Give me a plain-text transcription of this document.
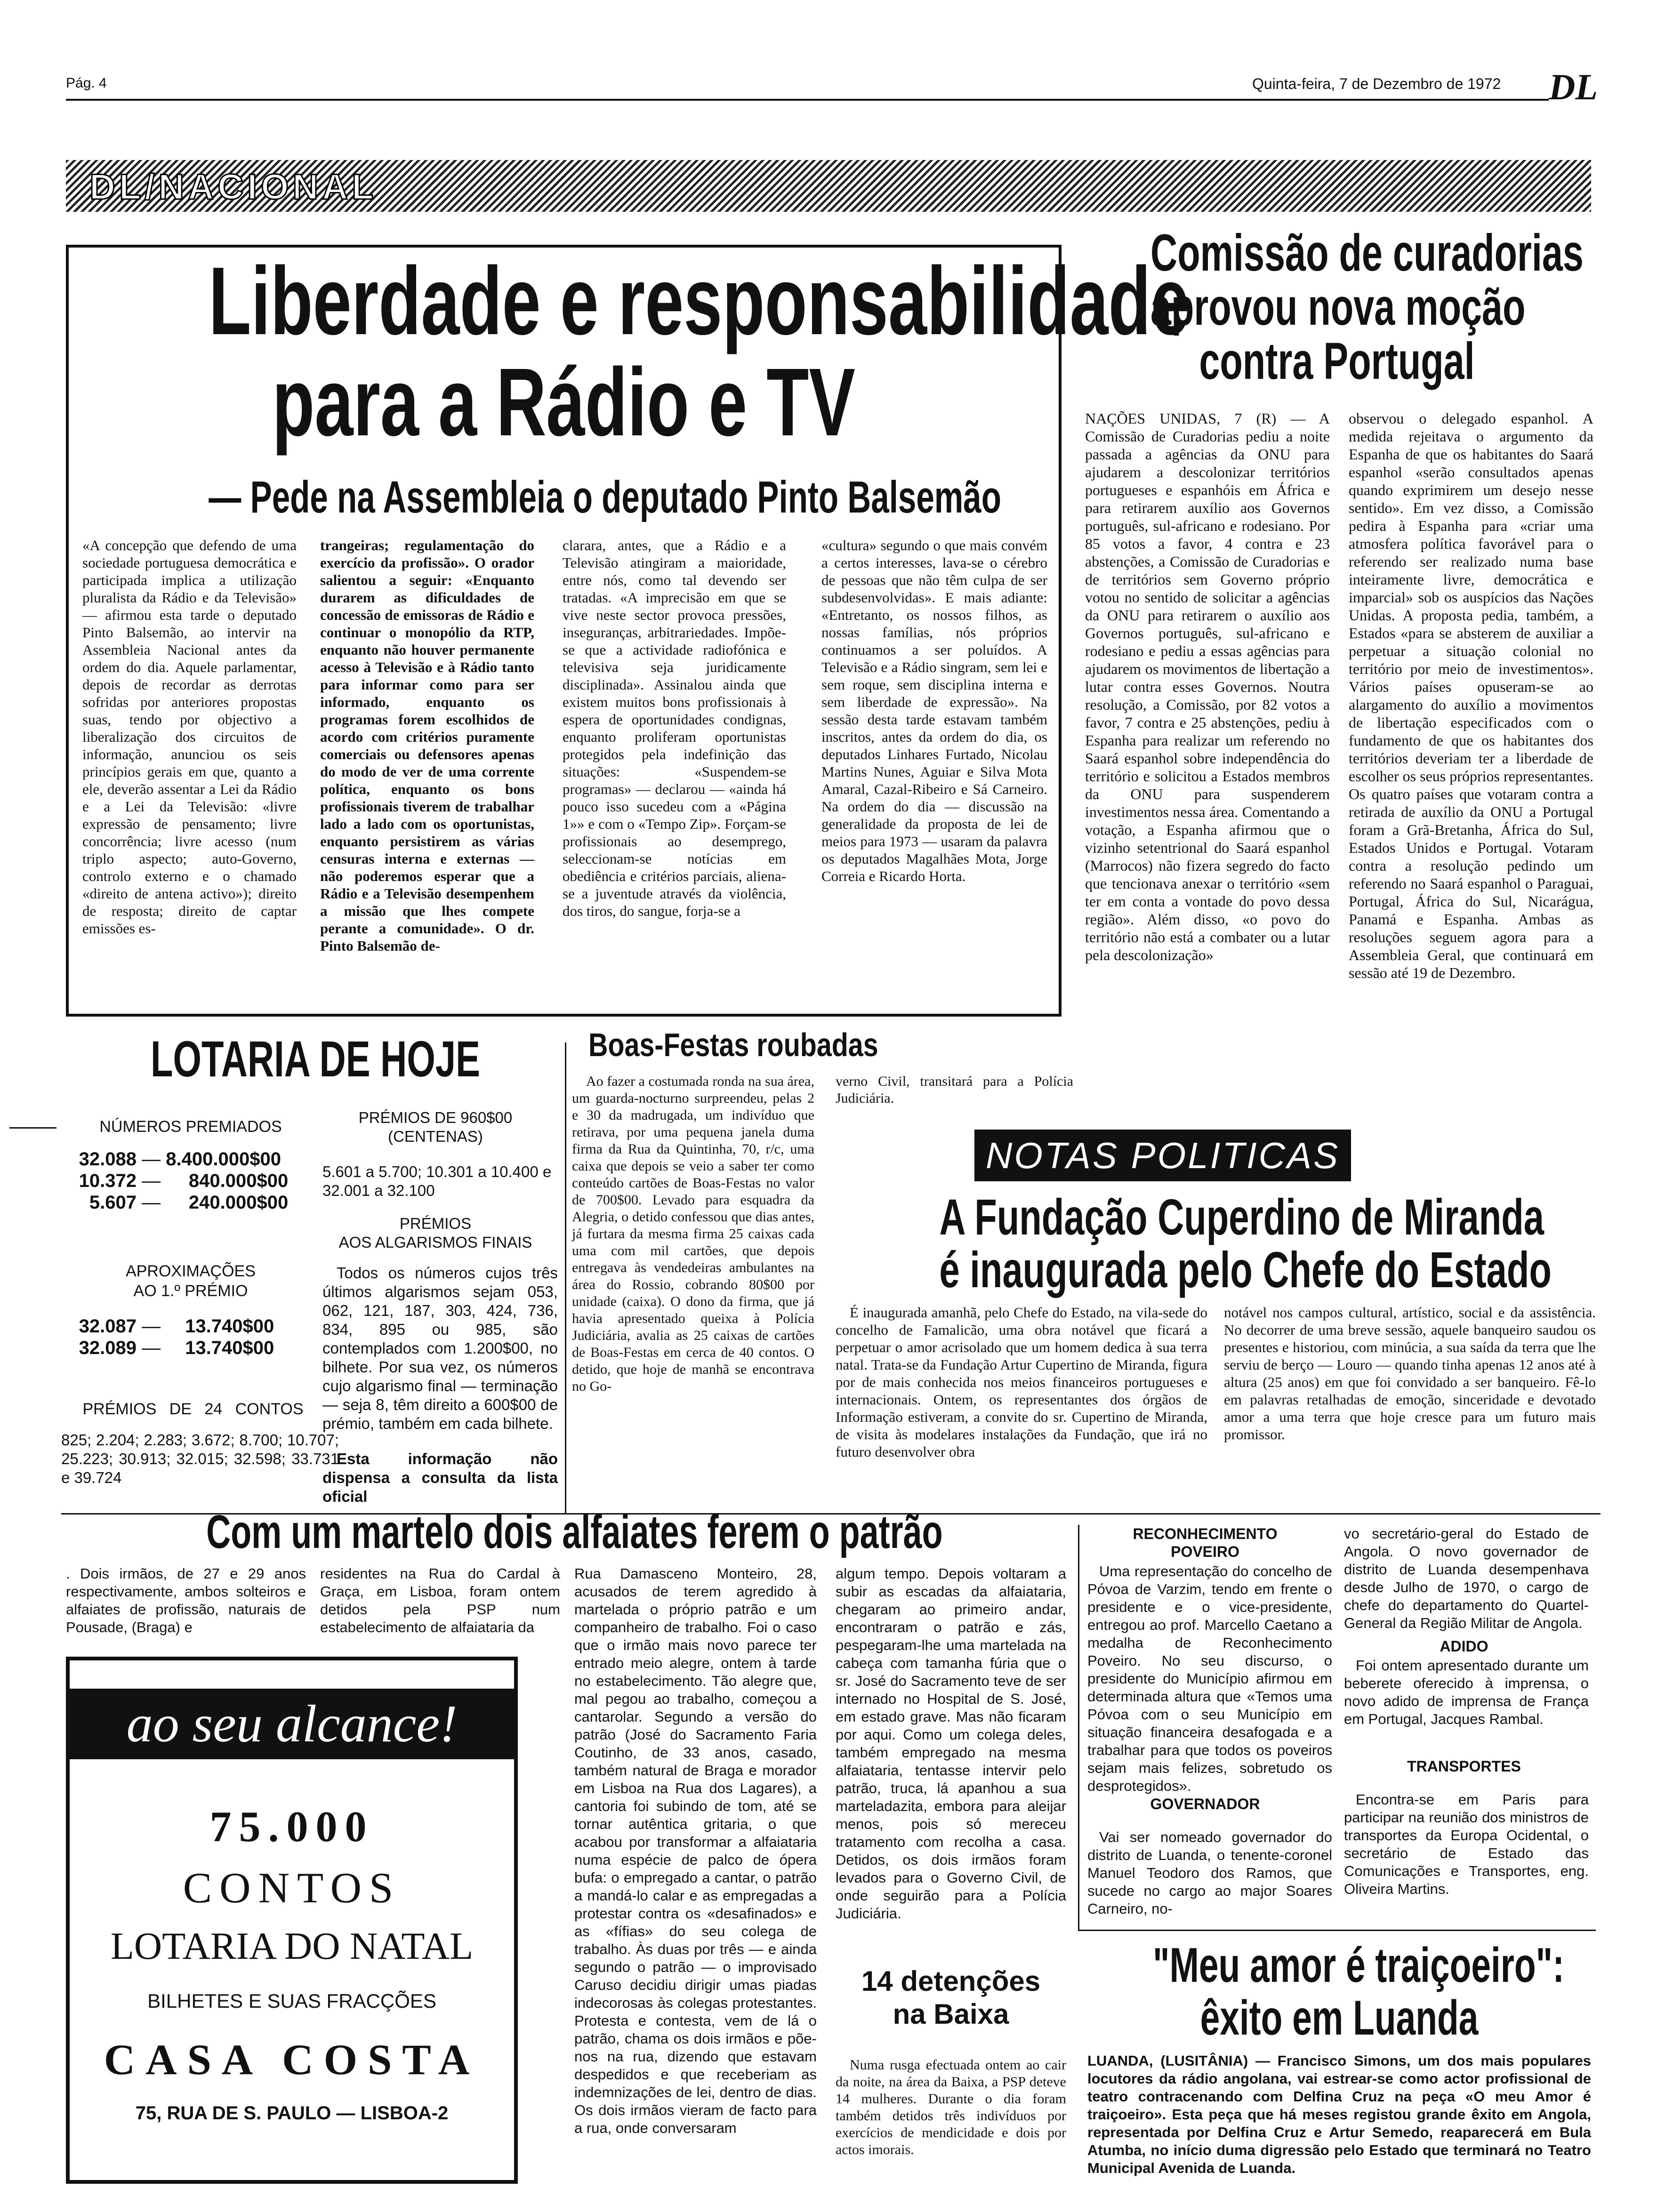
Pág. 4	Quinta-feira, 7 de Dezembro de 1972 DL
DL/NACIONAL
Liberdade e responsabilidade
para a Rádio e TV
— Pede na Assembleia o deputado Pinto Balsemão
«A concepção que defendo de uma sociedade portuguesa democrática e participada implica a utilização pluralista da Rádio e da Televisão» — afirmou esta tarde o deputado Pinto Balsemão, ao intervir na Assembleia Nacional antes da ordem do dia. Aquele parlamentar, depois de recordar as derrotas sofridas por anteriores propostas suas, tendo por objectivo a liberalização dos circuitos de informação, anunciou os seis princípios gerais em que, quanto a ele, deverão assentar a Lei da Rádio e a Lei da Televisão: «livre expressão de pensamento; livre concorrência; livre acesso (num triplo aspecto; auto-Governo, controlo externo e o chamado «direito de antena activo»); direito de resposta; direito de captar emissões es-
trangeiras; regulamentação do exercício da profissão». O orador salientou a seguir: «Enquanto durarem as dificuldades de concessão de emissoras de Rádio e continuar o monopólio da RTP, enquanto não houver permanente acesso à Televisão e à Rádio tanto para informar como para ser informado, enquanto os programas forem escolhidos de acordo com critérios puramente comerciais ou defensores apenas do modo de ver de uma corrente política, enquanto os bons profissionais tiverem de trabalhar lado a lado com os oportunistas, enquanto persistirem as várias censuras interna e externas — não poderemos esperar que a Rádio e a Televisão desempenhem a missão que lhes compete perante a comunidade». O dr. Pinto Balsemão de-
clarara, antes, que a Rádio e a Televisão atingiram a maioridade, entre nós, como tal devendo ser tratadas. «A imprecisão em que se vive neste sector provoca pressões, inseguranças, arbitrariedades. Impõe-se que a actividade radiofónica e televisiva seja juridicamente disciplinada». Assinalou ainda que existem muitos bons profissionais à espera de oportunidades condignas, enquanto proliferam oportunistas protegidos pela indefinição das situações: «Suspendem-se programas» — declarou — «ainda há pouco isso sucedeu com a «Página 1»» e com o «Tempo Zip». Forçam-se profissionais ao desemprego, seleccionam-se notícias em obediência e critérios parciais, aliena-se a juventude através da violência, dos tiros, do sangue, forja-se a
«cultura» segundo o que mais convém a certos interesses, lava-se o cérebro de pessoas que não têm culpa de ser subdesenvolvidas». E mais adiante: «Entretanto, os nossos filhos, as nossas famílias, nós próprios continuamos a ser poluídos. A Televisão e a Rádio singram, sem lei e sem roque, sem disciplina interna e sem liberdade de expressão». Na sessão desta tarde estavam também inscritos, antes da ordem do dia, os deputados Linhares Furtado, Nicolau Martins Nunes, Aguiar e Silva Mota Amaral, Cazal-Ribeiro e Sá Carneiro. Na ordem do dia — discussão na generalidade da proposta de lei de meios para 1973 — usaram da palavra os deputados Magalhães Mota, Jorge Correia e Ricardo Horta.
Comissão de curadorias
aprovou nova moção
contra Portugal
NAÇÕES UNIDAS, 7 (R) — A Comissão de Curadorias pediu a noite passada a agências da ONU para ajudarem a descolonizar territórios portugueses e espanhóis em África e para retirarem auxílio aos Governos português, sul-africano e rodesiano. Por 85 votos a favor, 4 contra e 23 abstenções, a Comissão de Curadorias e de territórios sem Governo próprio votou no sentido de solicitar a agências da ONU para retirarem o auxílio aos Governos português, sul-africano e rodesiano e pediu a essas agências para ajudarem os movimentos de libertação a lutar contra esses Governos. Noutra resolução, a Comissão, por 82 votos a favor, 7 contra e 25 abstenções, pediu à Espanha para realizar um referendo no Saará espanhol sobre independência do território e solicitou a Estados membros da ONU para suspenderem investimentos nessa área. Comentando a votação, a Espanha afirmou que o vizinho setentrional do Saará espanhol (Marrocos) não fizera segredo do facto que tencionava anexar o território «sem ter em conta a vontade do povo dessa região». Além disso, «o povo do território não está a combater ou a lutar pela descolonização»
observou o delegado espanhol. A medida rejeitava o argumento da Espanha de que os habitantes do Saará espanhol «serão consultados apenas quando exprimirem um desejo nesse sentido». Em vez disso, a Comissão pedira à Espanha para «criar uma atmosfera política favorável para o referendo ser realizado numa base inteiramente livre, democrática e imparcial» sob os auspícios das Nações Unidas. A proposta pedia, também, a Estados «para se absterem de auxiliar a perpetuar a situação colonial no território por meio de investimentos». Vários países opuseram-se ao alargamento do auxílio a movimentos de libertação especificados com o fundamento de que os habitantes dos territórios deveriam ter a liberdade de escolher os seus próprios representantes. Os quatro países que votaram contra a retirada de auxílio da ONU a Portugal foram a Grã-Bretanha, África do Sul, Estados Unidos e Portugal. Votaram contra a resolução pedindo um referendo no Saará espanhol o Paraguai, Portugal, África do Sul, Nicarágua, Panamá e Espanha. Ambas as resoluções seguem agora para a Assembleia Geral, que continuará em sessão até 19 de Dezembro.
LOTARIA DE HOJE
NÚMEROS PREMIADOS
32.088 — 8.400.000$00
10.372 — 840.000$00
5.607 — 240.000$00
APROXIMAÇÕES
AO 1.º PRÉMIO
32.087 — 13.740$00
32.089 — 13.740$00
PRÉMIOS DE 24 CONTOS
825; 2.204; 2.283; 3.672; 8.700; 10.707; 25.223; 30.913; 32.015; 32.598; 33.731 e 39.724
PRÉMIOS DE 960$00
(CENTENAS)
5.601 a 5.700; 10.301 a 10.400 e 32.001 a 32.100
PRÉMIOS
AOS ALGARISMOS FINAIS
Todos os números cujos três últimos algarismos sejam 053, 062, 121, 187, 303, 424, 736, 834, 895 ou 985, são contemplados com 1.200$00, no bilhete. Por sua vez, os números cujo algarismo final — terminação — seja 8, têm direito a 600$00 de prémio, também em cada bilhete.
Esta informação não dispensa a consulta da lista oficial
Boas-Festas roubadas
Ao fazer a costumada ronda na sua área, um guarda-nocturno surpreendeu, pelas 2 e 30 da madrugada, um indivíduo que retirava, por uma pequena janela duma firma da Rua da Quintinha, 70, r/c, uma caixa que depois se veio a saber ter como conteúdo cartões de Boas-Festas no valor de 700$00. Levado para esquadra da Alegria, o detido confessou que dias antes, já furtara da mesma firma 25 caixas cada uma com mil cartões, que depois entregava às vendedeiras ambulantes na área do Rossio, cobrando 80$00 por unidade (caixa). O dono da firma, que já havia apresentado queixa à Polícia Judiciária, avalia as 25 caixas de cartões de Boas-Festas em cerca de 40 contos. O detido, que hoje de manhã se encontrava no Go-
verno Civil, transitará para a Polícia Judiciária.
NOTAS POLITICAS
A Fundação Cuperdino de Miranda
é inaugurada pelo Chefe do Estado
É inaugurada amanhã, pelo Chefe do Estado, na vila-sede do concelho de Famalicão, uma obra notável que ficará a perpetuar o amor acrisolado que um homem dedica à sua terra natal. Trata-se da Fundação Artur Cupertino de Miranda, figura por de mais conhecida nos meios financeiros portugueses e internacionais. Ontem, os representantes dos órgãos de Informação estiveram, a convite do sr. Cupertino de Miranda, de visita às modelares instalações da Fundação, que irá no futuro desenvolver obra
notável nos campos cultural, artístico, social e da assistência. No decorrer de uma breve sessão, aquele banqueiro saudou os presentes e historiou, com minúcia, a sua saída da terra que lhe serviu de berço — Louro — quando tinha apenas 12 anos até à altura (25 anos) em que foi convidado a ser banqueiro. Fê-lo em palavras retalhadas de emoção, sinceridade e devotado amor a uma terra que hoje cresce para um futuro mais promissor.
Com um martelo dois alfaiates ferem o patrão
. Dois irmãos, de 27 e 29 anos respectivamente, ambos solteiros e alfaiates de profissão, naturais de Pousade, (Braga) e
residentes na Rua do Cardal à Graça, em Lisboa, foram ontem detidos pela PSP num estabelecimento de alfaiataria da
Rua Damasceno Monteiro, 28, acusados de terem agredido à martelada o próprio patrão e um companheiro de trabalho. Foi o caso que o irmão mais novo parece ter entrado meio alegre, ontem à tarde no estabelecimento. Tão alegre que, mal pegou ao trabalho, começou a cantarolar. Segundo a versão do patrão (José do Sacramento Faria Coutinho, de 33 anos, casado, também natural de Braga e morador em Lisboa na Rua dos Lagares), a cantoria foi subindo de tom, até se tornar autêntica gritaria, o que acabou por transformar a alfaiataria numa espécie de palco de ópera bufa: o empregado a cantar, o patrão a mandá-lo calar e as empregadas a protestar contra os «desafinados» e as «fífias» do seu colega de trabalho. Às duas por três — e ainda segundo o patrão — o improvisado Caruso decidiu dirigir umas piadas indecorosas às colegas protestantes. Protesta e contesta, vem de lá o patrão, chama os dois irmãos e põe-nos na rua, dizendo que estavam despedidos e que receberiam as indemnizações de lei, dentro de dias. Os dois irmãos vieram de facto para a rua, onde conversaram
algum tempo. Depois voltaram a subir as escadas da alfaiataria, chegaram ao primeiro andar, encontraram o patrão e zás, pespegaram-lhe uma martelada na cabeça com tamanha fúria que o sr. José do Sacramento teve de ser internado no Hospital de S. José, em estado grave. Mas não ficaram por aqui. Como um colega deles, também empregado na mesma alfaiataria, tentasse intervir pelo patrão, truca, lá apanhou a sua marteladazita, embora para aleijar menos, pois só mereceu tratamento com recolha a casa. Detidos, os dois irmãos foram levados para o Governo Civil, de onde seguirão para a Polícia Judiciária.
ao seu alcance!
75.000
CONTOS
LOTARIA DO NATAL
BILHETES E SUAS FRACÇÕES
CASA COSTA
75, RUA DE S. PAULO — LISBOA-2
14 detenções
na Baixa
Numa rusga efectuada ontem ao cair da noite, na área da Baixa, a PSP deteve 14 mulheres. Durante o dia foram também detidos três indivíduos por exercícios de mendicidade e dois por actos imorais.
RECONHECIMENTO
POVEIRO
Uma representação do concelho de Póvoa de Varzim, tendo em frente o presidente e o vice-presidente, entregou ao prof. Marcello Caetano a medalha de Reconhecimento Poveiro. No seu discurso, o presidente do Município afirmou em determinada altura que «Temos uma Póvoa com o seu Município em situação financeira desafogada e a trabalhar para que todos os poveiros sejam mais felizes, sobretudo os desprotegidos».
GOVERNADOR
Vai ser nomeado governador do distrito de Luanda, o tenente-coronel Manuel Teodoro dos Ramos, que sucede no cargo ao major Soares Carneiro, no-
vo secretário-geral do Estado de Angola. O novo governador de distrito de Luanda desempenhava desde Julho de 1970, o cargo de chefe do departamento do Quartel-General da Região Militar de Angola.
ADIDO
Foi ontem apresentado durante um beberete oferecido à imprensa, o novo adido de imprensa de França em Portugal, Jacques Rambal.
TRANSPORTES
Encontra-se em Paris para participar na reunião dos ministros de transportes da Europa Ocidental, o secretário de Estado das Comunicações e Transportes, eng. Oliveira Martins.
"Meu amor é traiçoeiro":
êxito em Luanda
LUANDA, (LUSITÂNIA) — Francisco Simons, um dos mais populares locutores da rádio angolana, vai estrear-se como actor profissional de teatro contracenando com Delfina Cruz na peça «O meu Amor é traiçoeiro». Esta peça que há meses registou grande êxito em Angola, representada por Delfina Cruz e Artur Semedo, reaparecerá em Bula Atumba, no início duma digressão pelo Estado que terminará no Teatro Municipal Avenida de Luanda.
